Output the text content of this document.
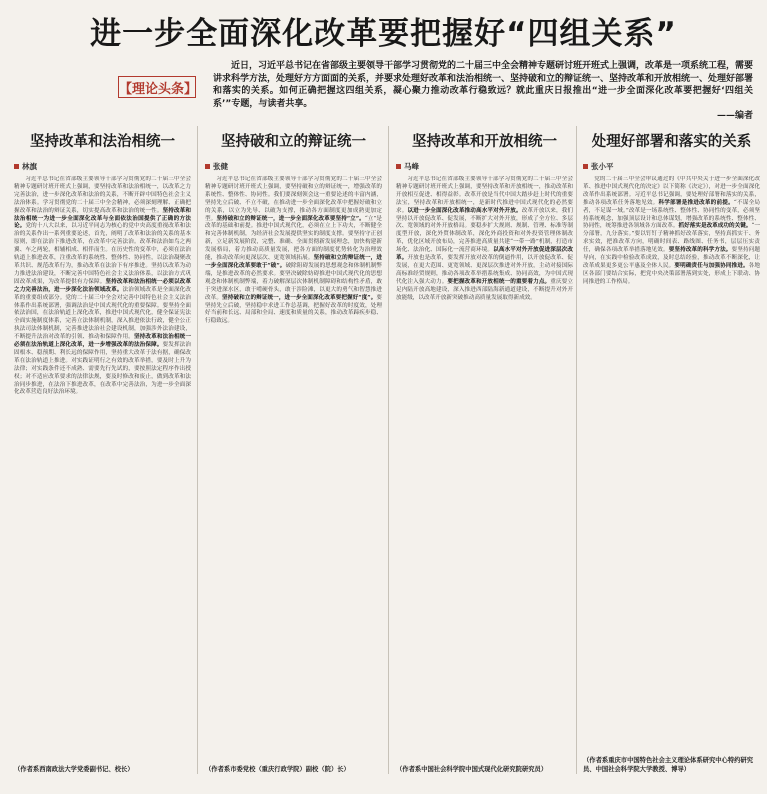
进一步全面深化改革要把握好“四组关系”
【理论头条】
近日，习近平总书记在省部级主要领导干部学习贯彻党的二十届三中全会精神专题研讨班开班式上强调，改革是一项系统工程，需要讲求科学方法，处理好方方面面的关系，并要求处理好改革和法治相统一、坚持破和立的辩证统一、坚持改革和开放相统一、处理好部署和落实的关系。如何正确把握这四组关系，凝心聚力推动改革行稳致远？就此重庆日报推出“进一步全面深化改革要把握好‘四组关系’”专题，与读者共享。
——编者
坚持改革和法治相统一
林旗
习近平总书记在省部级主要领导干部学习贯彻党的二十届三中全会精神专题研讨班开班式上强调，要坚持改革和法治相统一，以改革之力完善法治，进一步深化改革和法治的关系，不断开辟中国特色社会主义法治体系。学习贯彻党的二十届三中全会精神，必须深刻理解、正确把握改革和法治的辩证关系，切实提高改革和法治的统一性。坚持改革和法治相统一为进一步全面深化改革与全面依法治国提供了正确的方法论。党的十八大以来，以习近平同志为核心的党中央高度重视改革和法治的关系作出一系列重要论述，首先，阐明了改革和法治的关系的基本原则，即在法治下推进改革，在改革中完善法治。改革和法治如鸟之两翼、车之两轮，相辅相成、相伴而生。在历史性的变革中，必须在法治轨道上推进改革，注重改革的系统性、整体性、协同性，以法治凝聚改革共识、规范改革行为，推动改革在法治下有序推进。坚持以改革为动力推进法治建设，不断完善中国特色社会主义法治体系，以法治方式巩固改革成果，为改革提供有力保障。坚持改革和法治相统一必须以改革之力完善法治，进一步深化法治领域改革。法治领域改革是全面深化改革的重要组成部分。党的二十届三中全会对完善中国特色社会主义法治体系作出系统部署，强调法治是中国式现代化的重要保障。要坚持全面依法治国，在法治轨道上深化改革，推进中国式现代化，健全保证宪法全面实施制度体系，完善立法体制机制，深入推进依法行政，健全公正执法司法体制机制，完善推进法治社会建设机制，加强涉外法治建设，不断提升法治对改革的引领、推动和保障作用。坚持改革和法治相统一必须在法治轨道上深化改革，进一步增强改革的法治保障。要发挥法治固根本、稳预期、利长远的保障作用，坚持重大改革于法有据，确保改革在法治轨道上推进。对实践证明行之有效的改革举措，要及时上升为法律；对实践条件还不成熟、需要先行先试的，要按照法定程序作出授权；对不适应改革要求的法律法规，要及时修改和废止，做到改革和法治同步推进，在法治下推进改革，在改革中完善法治，为进一步全面深化改革营造良好法治环境。
（作者系西南政法大学党委副书记、校长）
坚持破和立的辩证统一
张健
习近平总书记在省部级主要领导干部学习贯彻党的二十届三中全会精神专题研讨班开班式上强调，要坚持破和立的辩证统一，增强改革的系统性、整体性、协同性。我们要深刻领会这一重要论述的丰富内涵，坚持先立后破、不立不破，在推动进一步全面深化改革中把握好破和立的关系，以立为先导、以破为支撑，推动各方面制度更加成熟更加定型。坚持破和立的辩证统一，进一步全面深化改革要坚持“立”。“立”是改革的基础和前提。推进中国式现代化，必须在立上下功夫，不断健全和完善体制机制，为经济社会发展提供坚实的制度支撑。要坚持守正创新，立足新发展阶段，完整、准确、全面贯彻新发展理念，加快构建新发展格局，着力推动高质量发展，把各方面的制度优势转化为治理效能，推动改革向更深层次、更宽领域拓展。坚持破和立的辩证统一，进一步全面深化改革要敢于“破”。破除阻碍发展的思想观念和体制机制弊端，是推进改革的必然要求。要坚决破除妨碍推进中国式现代化的思想观念和体制机制弊端，着力破解深层次体制机制障碍和结构性矛盾，敢于突进深水区，敢于啃硬骨头，敢于涉险滩，以更大的勇气和智慧推进改革。坚持破和立的辩证统一，进一步全面深化改革要把握好“度”。要坚持先立后破，坚持稳中求进工作总基调，把握好改革的时度效，处理好当前和长远、局部和全局、速度和质量的关系，推动改革蹄疾步稳、行稳致远。
（作者系市委党校（重庆行政学院）副校（院）长）
坚持改革和开放相统一
马峰
习近平总书记在省部级主要领导干部学习贯彻党的二十届三中全会精神专题研讨班开班式上强调，要坚持改革和开放相统一，推动改革和开放相互促进、相得益彰。改革开放是当代中国大踏步赶上时代的重要法宝，坚持改革和开放相统一，是新时代推进中国式现代化的必然要求。以进一步全面深化改革推动高水平对外开放。改革开放以来，我们坚持以开放促改革、促发展，不断扩大对外开放，形成了全方位、多层次、宽领域的对外开放格局。要稳步扩大规则、规制、管理、标准等制度型开放，深化外贸体制改革，深化外商投资和对外投资管理体制改革，优化区域开放布局，完善推进高质量共建“一带一路”机制，打造市场化、法治化、国际化一流营商环境。以高水平对外开放促进深层次改革。开放也是改革，要发挥开放对改革的倒逼作用，以开放促改革、促发展，在更大范围、更宽领域、更深层次推进对外开放，主动对接国际高标准经贸规则，推动各项改革举措系统集成、协同高效，为中国式现代化注入强大动力。要把握改革和开放相统一的重要着力点。重庆要立足内陆开放高地建设，深入推进西部陆海新通道建设，不断提升对外开放能级，以改革开放新突破推动高质量发展取得新成效。
（作者系中国社会科学院中国式现代化研究院研究员）
处理好部署和落实的关系
张小平
党的二十届三中全会审议通过的《中共中央关于进一步全面深化改革、推进中国式现代化的决定》以下简称《决定》），对进一步全面深化改革作出系统部署。习近平总书记强调，要处理好部署和落实的关系，推动各项改革任务落地见效。科学部署是推进改革的前提。“不谋全局者，不足谋一域。”改革是一场系统性、整体性、协同性的变革，必须坚持系统观念，加强顶层设计和总体谋划，增强改革的系统性、整体性、协同性，统筹推进各领域各方面改革。抓好落实是改革成功的关键。“一分部署，九分落实。”要以钉钉子精神抓好改革落实，坚持真抓实干、务求实效，把准改革方向，明确时间表、路线图、任务书，层层压实责任，确保各项改革举措落地见效。要坚持改革的科学方法。要坚持问题导向，在实践中检验改革成效，及时总结经验，推动改革不断深化，让改革成果更多更公平惠及全体人民。要明确责任与加强协同推进。各地区各部门要结合实际，把党中央决策部署落到实处，形成上下联动、协同推进的工作格局。
（作者系重庆市中国特色社会主义理论体系研究中心特约研究员、中国社会科学院大学教授、博导）
